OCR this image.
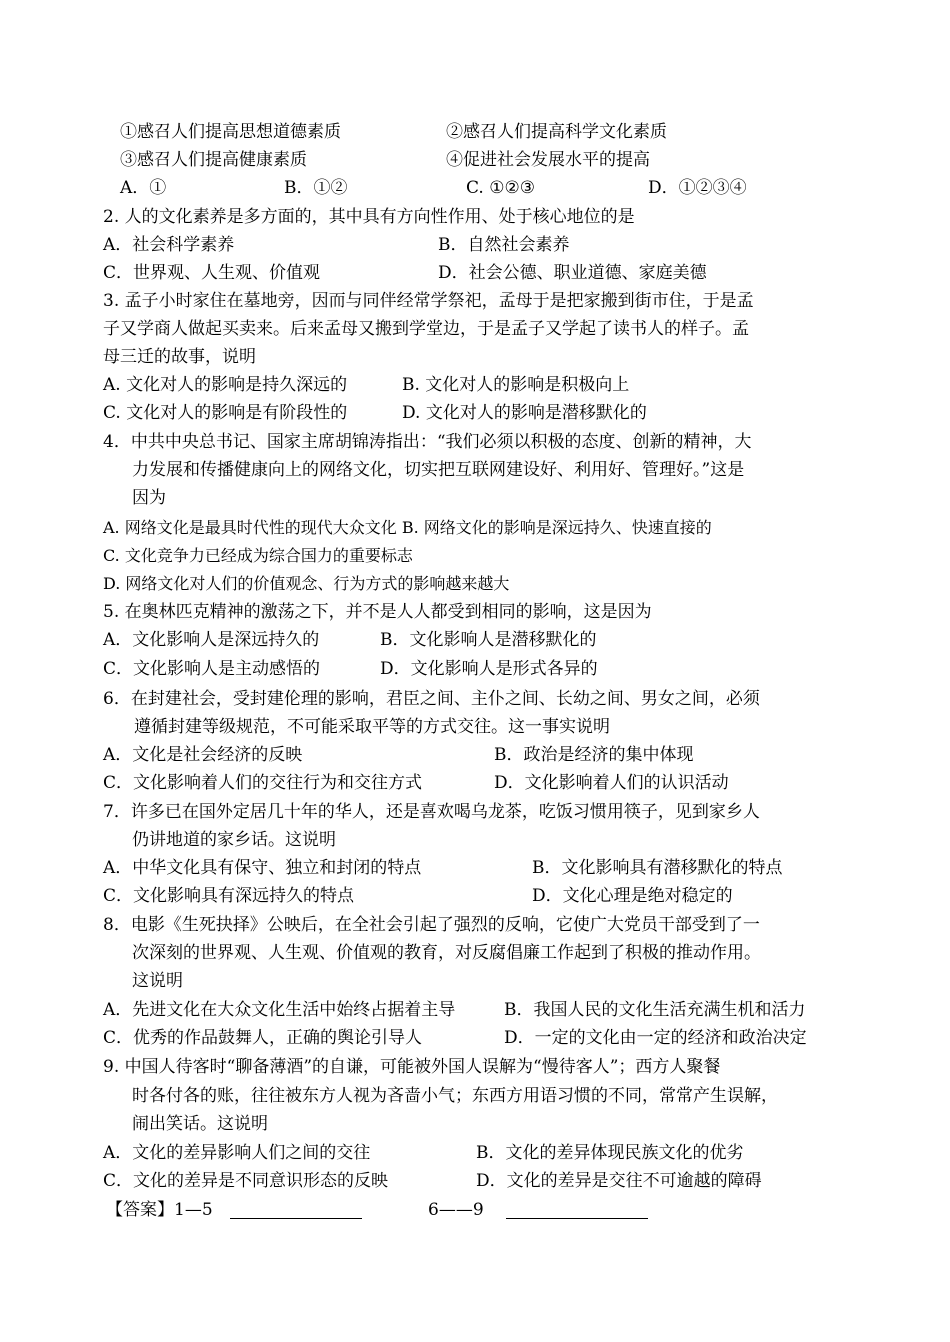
①感召人们提高思想道德素质	②感召人们提高科学文化素质
③感召人们提高健康素质	④促进社会发展水平的提高
A．①	B．①②	C. ①②③	D．①②③④
2. 人的文化素养是多方面的，其中具有方向性作用、处于核心地位的是
A．社会科学素养	B．自然社会素养
C．世界观、人生观、价值观	D．社会公德、职业道德、家庭美德
3. 孟子小时家住在墓地旁，因而与同伴经常学祭祀，孟母于是把家搬到街市住，于是孟
子又学商人做起买卖来。后来孟母又搬到学堂边，于是孟子又学起了读书人的样子。孟
母三迁的故事，说明
A. 文化对人的影响是持久深远的	B. 文化对人的影响是积极向上
C. 文化对人的影响是有阶段性的	D. 文化对人的影响是潜移默化的
4．中共中央总书记、国家主席胡锦涛指出：“我们必须以积极的态度、创新的精神，大
力发展和传播健康向上的网络文化，切实把互联网建设好、利用好、管理好。”这是
因为
A. 网络文化是最具时代性的现代大众文化 B. 网络文化的影响是深远持久、快速直接的
C. 文化竞争力已经成为综合国力的重要标志
D. 网络文化对人们的价值观念、行为方式的影响越来越大
5. 在奥林匹克精神的激荡之下，并不是人人都受到相同的影响，这是因为
A．文化影响人是深远持久的	B．文化影响人是潜移默化的
C．文化影响人是主动感悟的	D．文化影响人是形式各异的
6．在封建社会，受封建伦理的影响，君臣之间、主仆之间、长幼之间、男女之间，必须
遵循封建等级规范，不可能采取平等的方式交往。这一事实说明
A．文化是社会经济的反映	B．政治是经济的集中体现
C．文化影响着人们的交往行为和交往方式	D．文化影响着人们的认识活动
7．许多已在国外定居几十年的华人，还是喜欢喝乌龙茶，吃饭习惯用筷子，见到家乡人
仍讲地道的家乡话。这说明
A．中华文化具有保守、独立和封闭的特点	B．文化影响具有潜移默化的特点
C．文化影响具有深远持久的特点	D．文化心理是绝对稳定的
8．电影《生死抉择》公映后，在全社会引起了强烈的反响，它使广大党员干部受到了一
次深刻的世界观、人生观、价值观的教育，对反腐倡廉工作起到了积极的推动作用。
这说明
A．先进文化在大众文化生活中始终占据着主导	B．我国人民的文化生活充满生机和活力
C．优秀的作品鼓舞人，正确的舆论引导人	D．一定的文化由一定的经济和政治决定
9. 中国人待客时“聊备薄酒”的自谦，可能被外国人误解为“慢待客人”；西方人聚餐
时各付各的账，往往被东方人视为吝啬小气；东西方用语习惯的不同，常常产生误解，
闹出笑话。这说明
A．文化的差异影响人们之间的交往	B．文化的差异体现民族文化的优劣
C．文化的差异是不同意识形态的反映	D．文化的差异是交往不可逾越的障碍
【答案】1—5	6——9
